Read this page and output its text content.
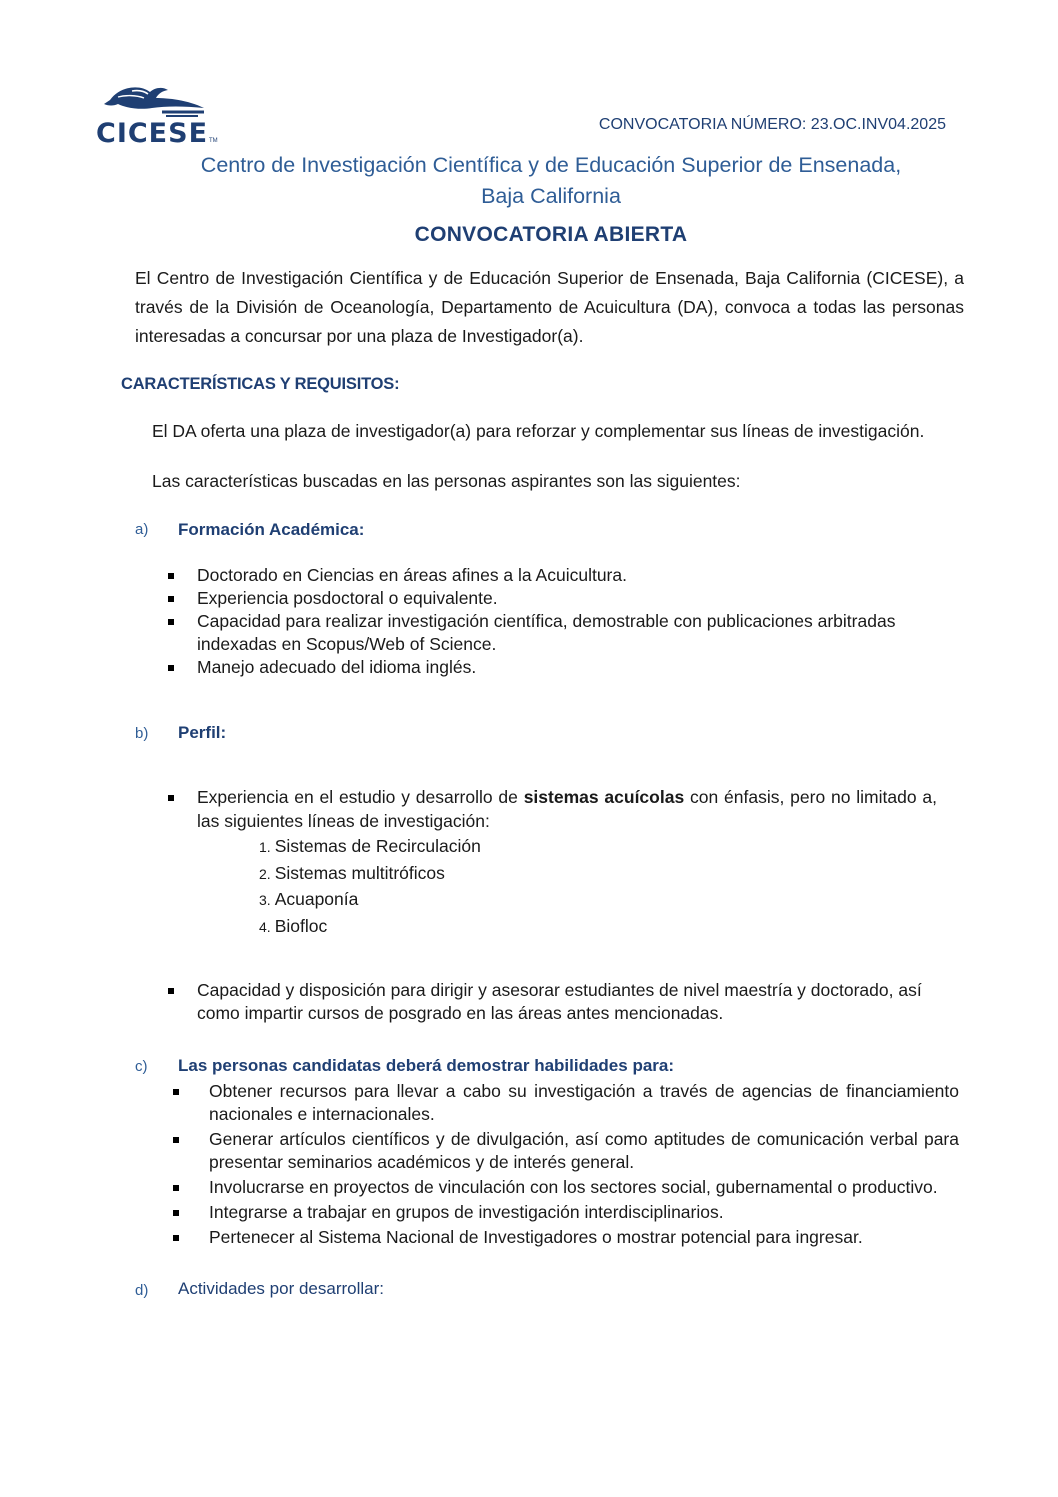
CICESE TM
CONVOCATORIA NÚMERO: 23.OC.INV04.2025
Centro de Investigación Científica y de Educación Superior de Ensenada,
Baja California
CONVOCATORIA ABIERTA
El Centro de Investigación Científica y de Educación Superior de Ensenada, Baja California (CICESE), a través de la División de Oceanología, Departamento de Acuicultura (DA), convoca a todas las personas interesadas a concursar por una plaza de Investigador(a).
CARACTERÍSTICAS Y REQUISITOS:
El DA oferta una plaza de investigador(a) para reforzar y complementar sus líneas de investigación.
Las características buscadas en las personas aspirantes son las siguientes:
a) Formación Académica:
Doctorado en Ciencias en áreas afines a la Acuicultura.
Experiencia posdoctoral o equivalente.
Capacidad para realizar investigación científica, demostrable con publicaciones arbitradas indexadas en Scopus/Web of Science.
Manejo adecuado del idioma inglés.
b) Perfil:
Experiencia en el estudio y desarrollo de sistemas acuícolas con énfasis, pero no limitado a, las siguientes líneas de investigación:
1. Sistemas de Recirculación
2. Sistemas multitróficos
3. Acuaponía
4. Biofloc
Capacidad y disposición para dirigir y asesorar estudiantes de nivel maestría y doctorado, así como impartir cursos de posgrado en las áreas antes mencionadas.
c) Las personas candidatas deberá demostrar habilidades para:
Obtener recursos para llevar a cabo su investigación a través de agencias de financiamiento nacionales e internacionales.
Generar artículos científicos y de divulgación, así como aptitudes de comunicación verbal para presentar seminarios académicos y de interés general.
Involucrarse en proyectos de vinculación con los sectores social, gubernamental o productivo.
Integrarse a trabajar en grupos de investigación interdisciplinarios.
Pertenecer al Sistema Nacional de Investigadores o mostrar potencial para ingresar.
d) Actividades por desarrollar:
